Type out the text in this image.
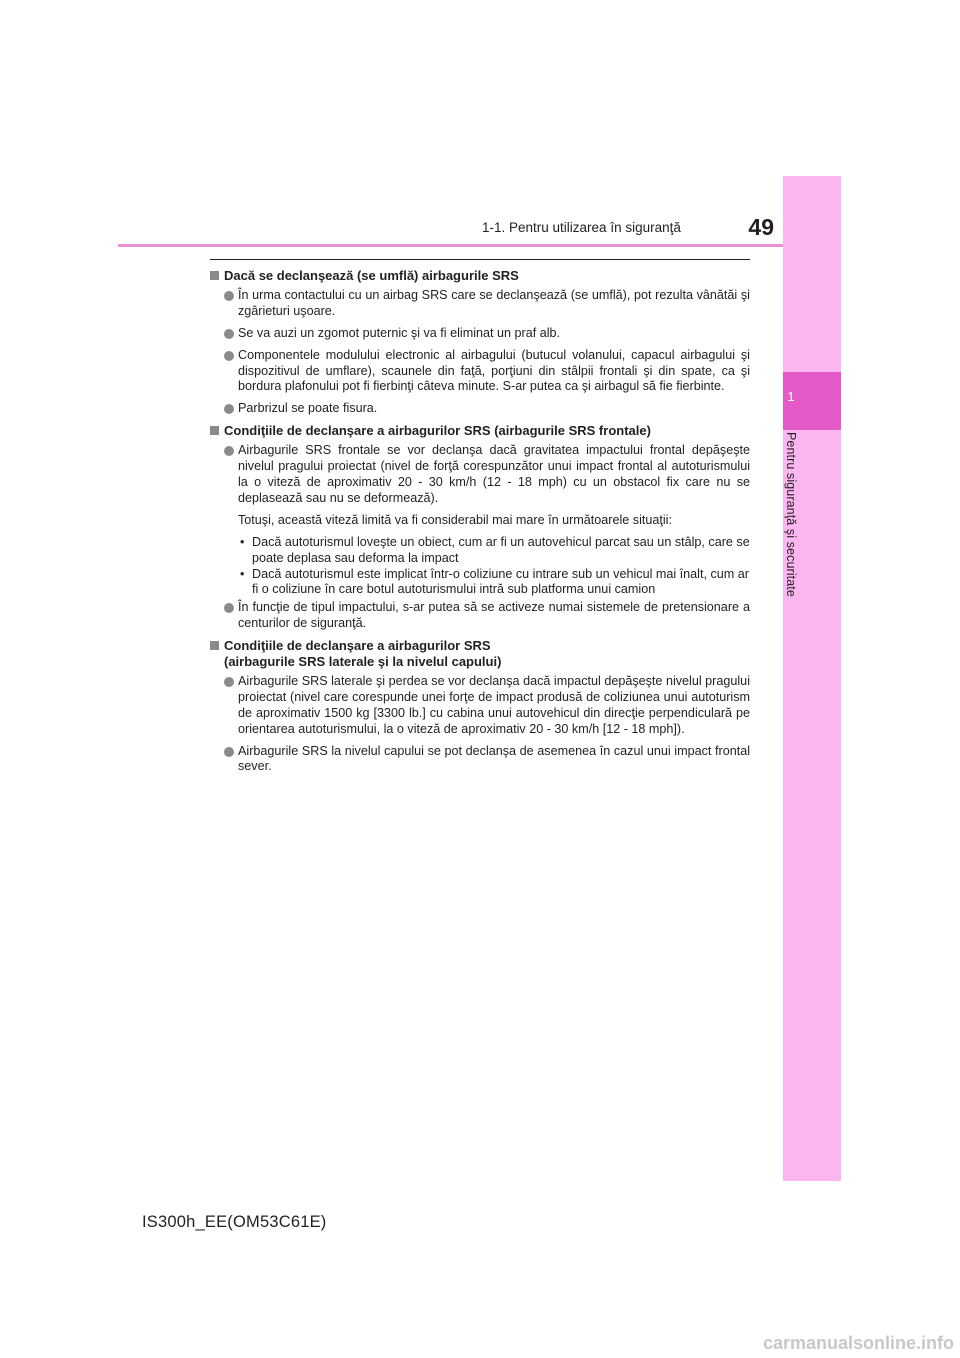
1-1. Pentru utilizarea în siguranţă	49
1
Pentru siguranţă şi securitate
Dacă se declanşează (se umflă) airbagurile SRS
În urma contactului cu un airbag SRS care se declanşează (se umflă), pot rezulta vânătăi şi zgârieturi uşoare.
Se va auzi un zgomot puternic şi va fi eliminat un praf alb.
Componentele modulului electronic al airbagului (butucul volanului, capacul airbagului şi dispozitivul de umflare), scaunele din faţă, porţiuni din stâlpii frontali şi din spate, ca şi bordura plafonului pot fi fierbinţi câteva minute. S-ar putea ca şi airbagul să fie fierbinte.
Parbrizul se poate fisura.
Condiţiile de declanşare a airbagurilor SRS (airbagurile SRS frontale)
Airbagurile SRS frontale se vor declanşa dacă gravitatea impactului frontal depăşeşte nivelul pragului proiectat (nivel de forţă corespunzător unui impact frontal al autoturismului la o viteză de aproximativ 20 - 30 km/h (12 - 18 mph) cu un obstacol fix care nu se deplasează sau nu se deformează).
Totuşi, această viteză limită va fi considerabil mai mare în următoarele situaţii:
• Dacă autoturismul loveşte un obiect, cum ar fi un autovehicul parcat sau un stâlp, care se poate deplasa sau deforma la impact
• Dacă autoturismul este implicat într-o coliziune cu intrare sub un vehicul mai înalt, cum ar fi o coliziune în care botul autoturismului intră sub platforma unui camion
În funcţie de tipul impactului, s-ar putea să se activeze numai sistemele de pretensionare a centurilor de siguranţă.
Condiţiile de declanşare a airbagurilor SRS
(airbagurile SRS laterale şi la nivelul capului)
Airbagurile SRS laterale şi perdea se vor declanşa dacă impactul depăşeşte nivelul pragului proiectat (nivel care corespunde unei forţe de impact produsă de coliziunea unui autoturism de aproximativ 1500 kg [3300 lb.] cu cabina unui autovehicul din direcţie perpendiculară pe orientarea autoturismului, la o viteză de aproximativ 20 - 30 km/h [12 - 18 mph]).
Airbagurile SRS la nivelul capului se pot declanşa de asemenea în cazul unui impact frontal sever.
IS300h_EE(OM53C61E)
carmanualsonline.info
